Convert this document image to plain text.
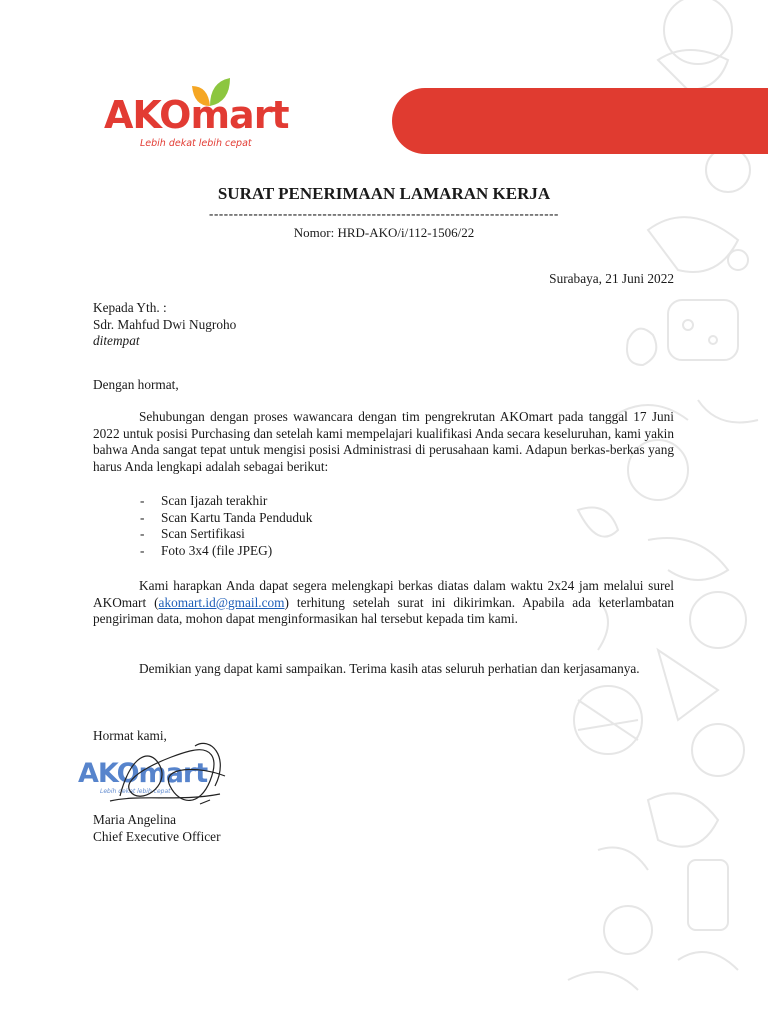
AKOmart
Lebih dekat lebih cepat
SURAT PENERIMAAN LAMARAN KERJA
-----------------------------------------------------------------------
Nomor: HRD-AKO/i/112-1506/22
Surabaya, 21 Juni 2022
Kepada Yth. :
Sdr. Mahfud Dwi Nugroho
ditempat
Dengan hormat,

Sehubungan dengan proses wawancara dengan tim pengrekrutan AKOmart pada tanggal 17 Juni 2022 untuk posisi Purchasing dan setelah kami mempelajari kualifikasi Anda secara keseluruhan, kami yakin bahwa Anda sangat tepat untuk mengisi posisi Administrasi di perusahaan kami. Adapun berkas-berkas yang harus Anda lengkapi adalah sebagai berikut:

- Scan Ijazah terakhir
- Scan Kartu Tanda Penduduk
- Scan Sertifikasi
- Foto 3x4 (file JPEG)

Kami harapkan Anda dapat segera melengkapi berkas diatas dalam waktu 2x24 jam melalui surel AKOmart (akomart.id@gmail.com) terhitung setelah surat ini dikirimkan. Apabila ada keterlambatan pengiriman data, mohon dapat menginformasikan hal tersebut kepada tim kami.

Demikian yang dapat kami sampaikan. Terima kasih atas seluruh perhatian dan kerjasamanya.

Hormat kami,
AKOmart
Lebih dekat lebih cepat
Maria Angelina
Chief Executive Officer
